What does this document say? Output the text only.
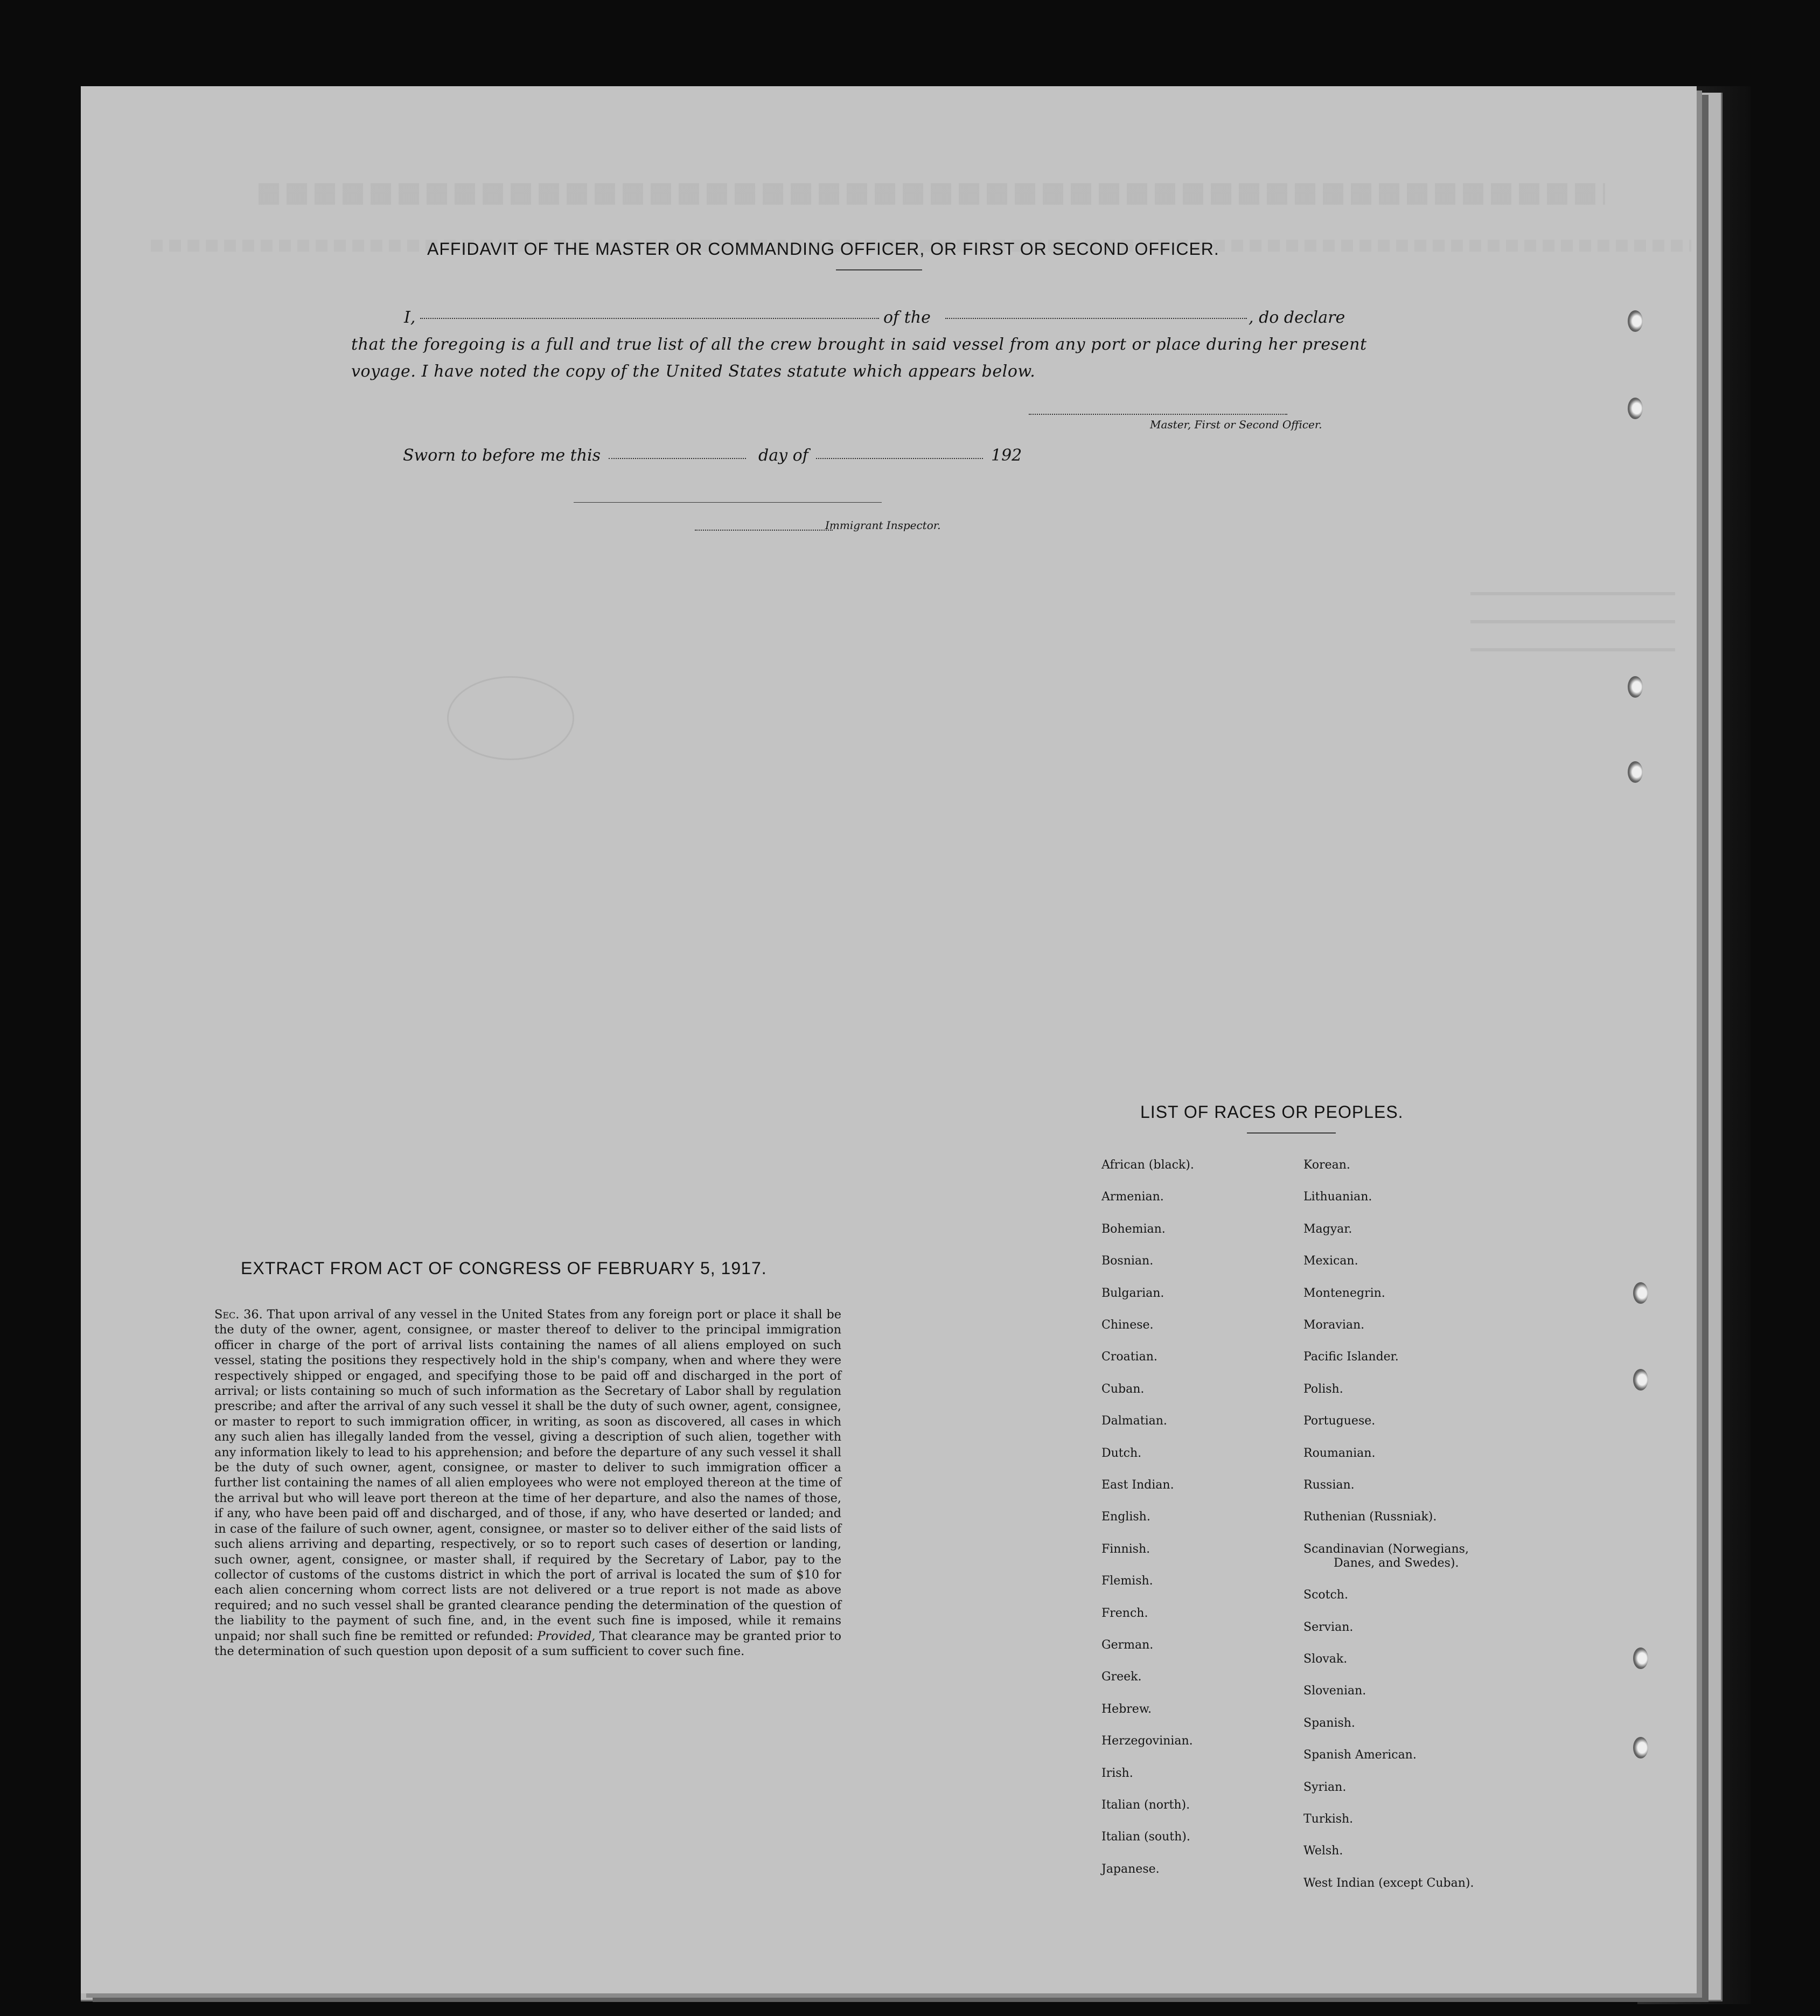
AFFIDAVIT OF THE MASTER OR COMMANDING OFFICER, OR FIRST OR SECOND OFFICER.
I,	of the	, do declare
that the foregoing is a full and true list of all the crew brought in said vessel from any port or place during her present
voyage. I have noted the copy of the United States statute which appears below.
Master, First or Second Officer.
Sworn to before me this	day of	192
Immigrant Inspector.
EXTRACT FROM ACT OF CONGRESS OF FEBRUARY 5, 1917.
Sec. 36. That upon arrival of any vessel in the United States from any foreign port or place it shall be the duty of the owner, agent, consignee, or master thereof to deliver to the principal immigration officer in charge of the port of arrival lists containing the names of all aliens employed on such vessel, stating the positions they respectively hold in the ship's company, when and where they were respectively shipped or engaged, and specifying those to be paid off and discharged in the port of arrival; or lists containing so much of such information as the Secretary of Labor shall by regulation prescribe; and after the arrival of any such vessel it shall be the duty of such owner, agent, consignee, or master to report to such immigration officer, in writing, as soon as discovered, all cases in which any such alien has illegally landed from the vessel, giving a description of such alien, together with any information likely to lead to his apprehension; and before the departure of any such vessel it shall be the duty of such owner, agent, consignee, or master to deliver to such immigration officer a further list containing the names of all alien employees who were not employed thereon at the time of the arrival but who will leave port thereon at the time of her departure, and also the names of those, if any, who have been paid off and discharged, and of those, if any, who have deserted or landed; and in case of the failure of such owner, agent, consignee, or master so to deliver either of the said lists of such aliens arriving and departing, respectively, or so to report such cases of desertion or landing, such owner, agent, consignee, or master shall, if required by the Secretary of Labor, pay to the collector of customs of the customs district in which the port of arrival is located the sum of $10 for each alien concerning whom correct lists are not delivered or a true report is not made as above required; and no such vessel shall be granted clearance pending the determination of the question of the liability to the payment of such fine, and, in the event such fine is imposed, while it remains unpaid; nor shall such fine be remitted or refunded: Provided, That clearance may be granted prior to the determination of such question upon deposit of a sum sufficient to cover such fine.
LIST OF RACES OR PEOPLES.
African (black).
Armenian.
Bohemian.
Bosnian.
Bulgarian.
Chinese.
Croatian.
Cuban.
Dalmatian.
Dutch.
East Indian.
English.
Finnish.
Flemish.
French.
German.
Greek.
Hebrew.
Herzegovinian.
Irish.
Italian (north).
Italian (south).
Japanese.
Korean.
Lithuanian.
Magyar.
Mexican.
Montenegrin.
Moravian.
Pacific Islander.
Polish.
Portuguese.
Roumanian.
Russian.
Ruthenian (Russniak).
Scandinavian (Norwegians,
Danes, and Swedes).
Scotch.
Servian.
Slovak.
Slovenian.
Spanish.
Spanish American.
Syrian.
Turkish.
Welsh.
West Indian (except Cuban).
